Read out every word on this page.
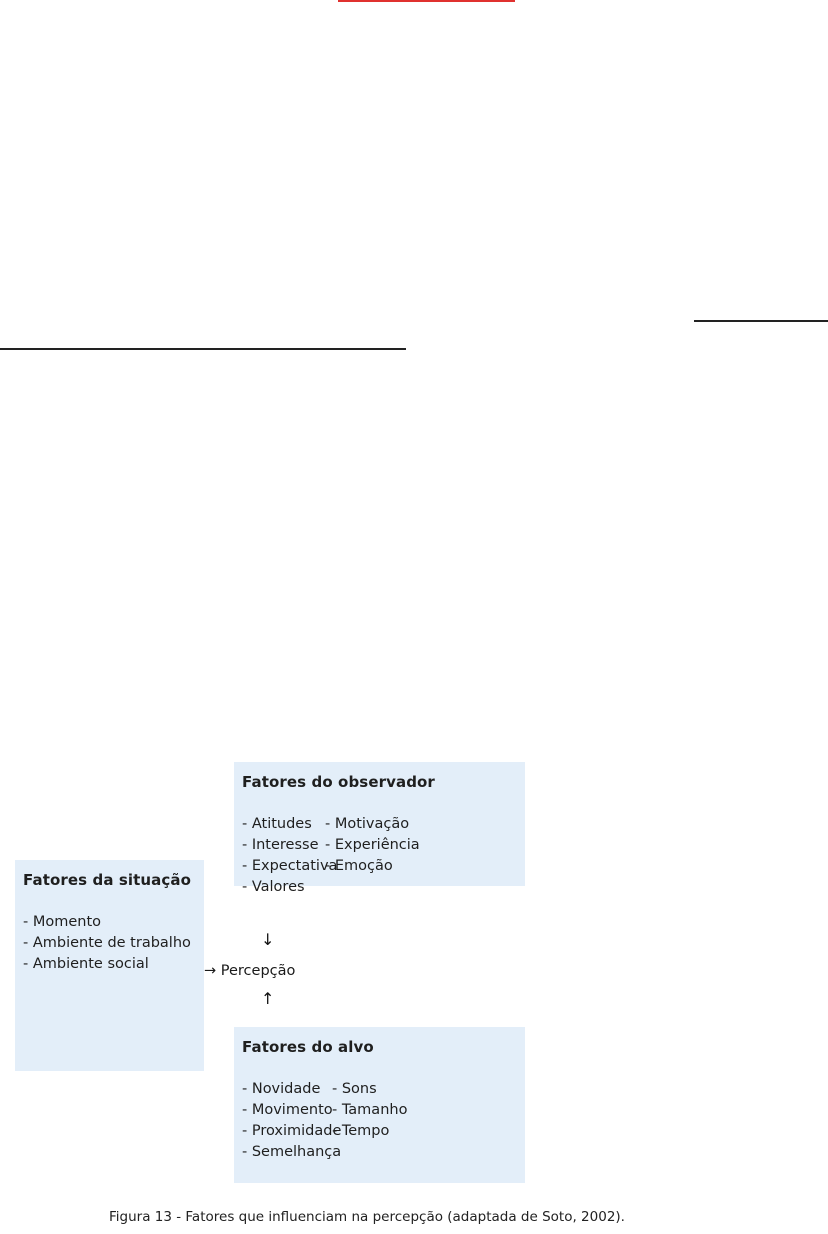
Fatores do observador
- Atitudes
- Interesse
- Expectativa
- Valores
- Motivação
- Experiência
- Emoção
Fatores da situação
- Momento
- Ambiente de trabalho
- Ambiente social
↓
→ Percepção
↑
Fatores do alvo
- Novidade
- Movimento
- Proximidade
- Semelhança
- Sons
- Tamanho
- Tempo
Figura 13 - Fatores que influenciam na percepção (adaptada de Soto, 2002).
